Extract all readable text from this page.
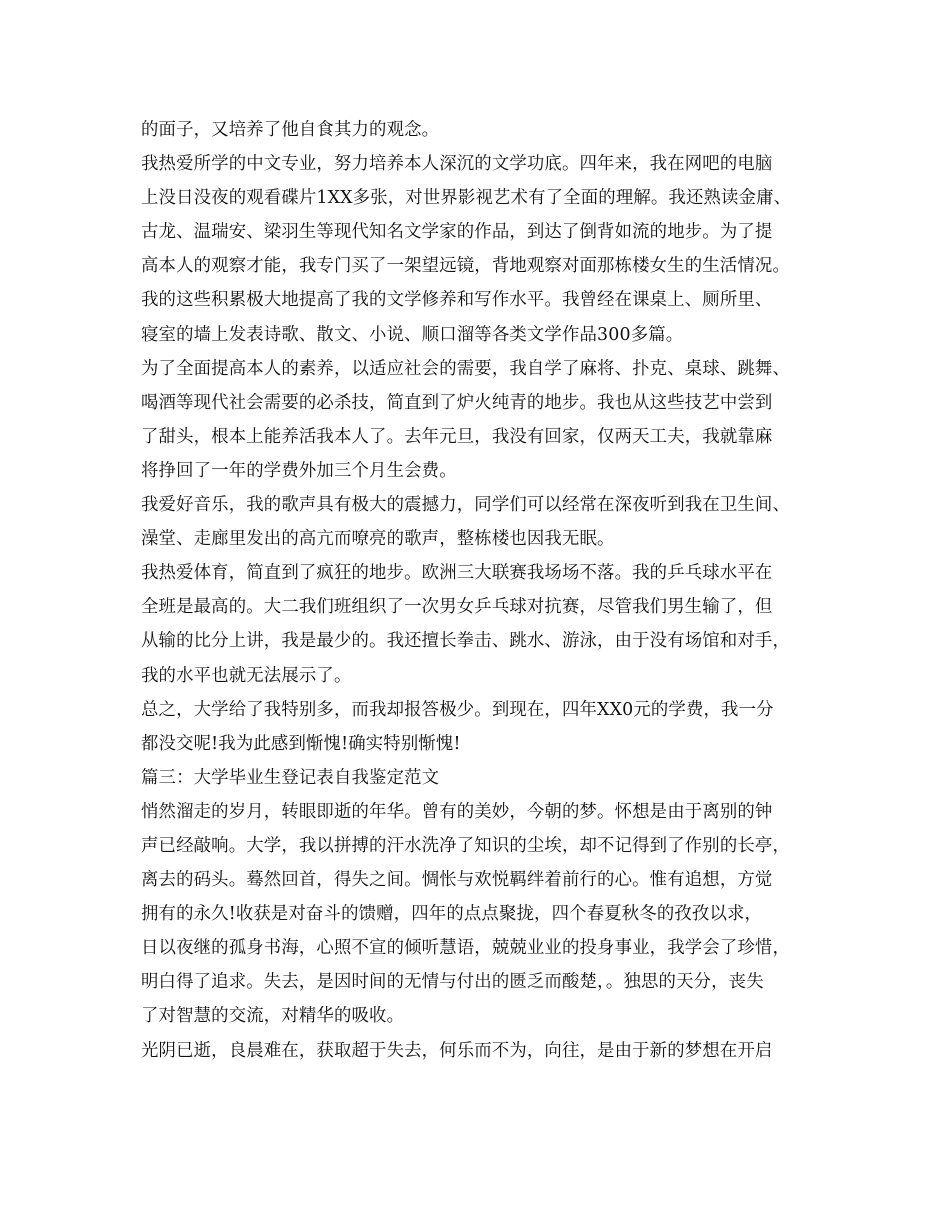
的面子，又培养了他自食其力的观念。
我热爱所学的中文专业，努力培养本人深沉的文学功底。四年来，我在网吧的电脑
上没日没夜的观看碟片1XX多张，对世界影视艺术有了全面的理解。我还熟读金庸、
古龙、温瑞安、梁羽生等现代知名文学家的作品，到达了倒背如流的地步。为了提
高本人的观察才能，我专门买了一架望远镜，背地观察对面那栋楼女生的生活情况。
我的这些积累极大地提高了我的文学修养和写作水平。我曾经在课桌上、厕所里、
寝室的墙上发表诗歌、散文、小说、顺口溜等各类文学作品300多篇。
为了全面提高本人的素养，以适应社会的需要，我自学了麻将、扑克、桌球、跳舞、
喝酒等现代社会需要的必杀技，简直到了炉火纯青的地步。我也从这些技艺中尝到
了甜头，根本上能养活我本人了。去年元旦，我没有回家，仅两天工夫，我就靠麻
将挣回了一年的学费外加三个月生会费。
我爱好音乐，我的歌声具有极大的震撼力，同学们可以经常在深夜听到我在卫生间、
澡堂、走廊里发出的高亢而嘹亮的歌声，整栋楼也因我无眠。
我热爱体育，简直到了疯狂的地步。欧洲三大联赛我场场不落。我的乒乓球水平在
全班是最高的。大二我们班组织了一次男女乒乓球对抗赛，尽管我们男生输了，但
从输的比分上讲，我是最少的。我还擅长拳击、跳水、游泳，由于没有场馆和对手，
我的水平也就无法展示了。
总之，大学给了我特别多，而我却报答极少。到现在，四年XX0元的学费，我一分
都没交呢!我为此感到惭愧!确实特别惭愧!
篇三：大学毕业生登记表自我鉴定范文
悄然溜走的岁月，转眼即逝的年华。曾有的美妙，今朝的梦。怀想是由于离别的钟
声已经敲响。大学，我以拼搏的汗水洗净了知识的尘埃，却不记得到了作别的长亭，
离去的码头。蓦然回首，得失之间。惆怅与欢悦羁绊着前行的心。惟有追想，方觉
拥有的永久!收获是对奋斗的馈赠，四年的点点聚拢，四个春夏秋冬的孜孜以求，
日以夜继的孤身书海，心照不宣的倾听慧语，兢兢业业的投身事业，我学会了珍惜，
明白得了追求。失去，是因时间的无情与付出的匮乏而酸楚，。独思的天分，丧失
了对智慧的交流，对精华的吸收。
光阴已逝，良晨难在，获取超于失去，何乐而不为，向往，是由于新的梦想在开启
